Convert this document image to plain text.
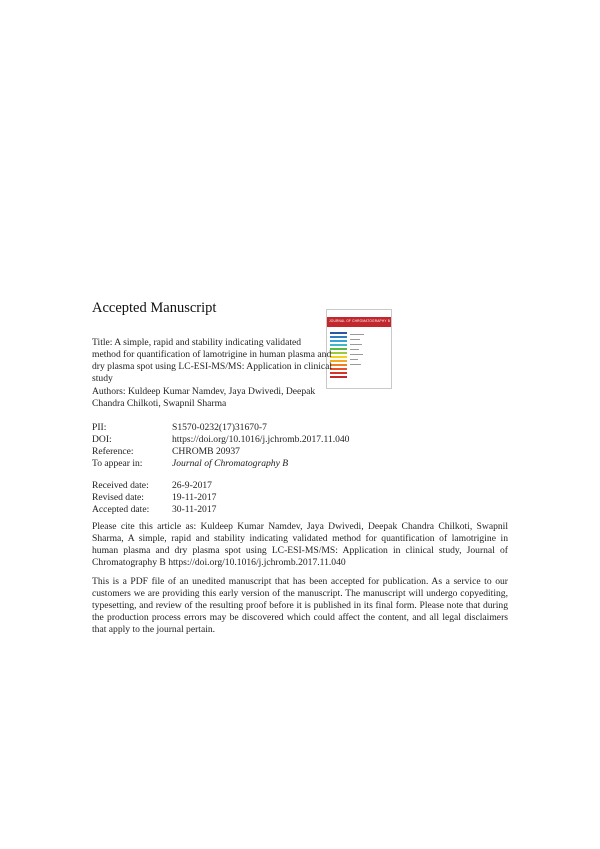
Accepted Manuscript
JOURNAL OF CHROMATOGRAPHY B
Title: A simple, rapid and stability indicating validated
method for quantification of lamotrigine in human plasma and
dry plasma spot using LC-ESI-MS/MS: Application in clinical
study
Authors: Kuldeep Kumar Namdev, Jaya Dwivedi, Deepak
Chandra Chilkoti, Swapnil Sharma
PII:	S1570-0232(17)31670-7
DOI:	https://doi.org/10.1016/j.jchromb.2017.11.040
Reference:	CHROMB 20937
To appear in:	Journal of Chromatography B
Received date:	26-9-2017
Revised date:	19-11-2017
Accepted date:	30-11-2017
Please cite this article as: Kuldeep Kumar Namdev, Jaya Dwivedi, Deepak Chandra Chilkoti, Swapnil Sharma, A simple, rapid and stability indicating validated method for quantification of lamotrigine in human plasma and dry plasma spot using LC-ESI-MS/MS: Application in clinical study, Journal of Chromatography B https://doi.org/10.1016/j.jchromb.2017.11.040
This is a PDF file of an unedited manuscript that has been accepted for publication. As a service to our customers we are providing this early version of the manuscript. The manuscript will undergo copyediting, typesetting, and review of the resulting proof before it is published in its final form. Please note that during the production process errors may be discovered which could affect the content, and all legal disclaimers that apply to the journal pertain.
